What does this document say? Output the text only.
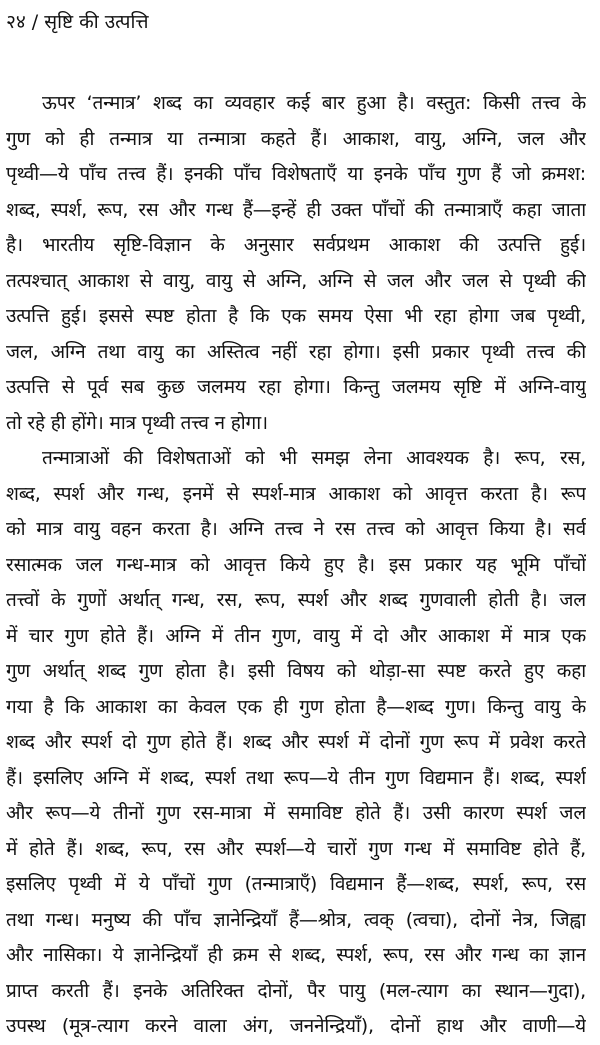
२४ / सृष्टि की उत्पत्ति

ऊपर ‘तन्मात्र’ शब्द का व्यवहार कई बार हुआ है। वस्तुत: किसी तत्त्व के
गुण को ही तन्मात्र या तन्मात्रा कहते हैं। आकाश, वायु, अग्नि, जल और
पृथ्वी—ये पाँच तत्त्व हैं। इनकी पाँच विशेषताएँ या इनके पाँच गुण हैं जो क्रमश:
शब्द, स्पर्श, रूप, रस और गन्ध हैं—इन्हें ही उक्त पाँचों की तन्मात्राएँ कहा जाता
है। भारतीय सृष्टि-विज्ञान के अनुसार सर्वप्रथम आकाश की उत्पत्ति हुई।
तत्पश्चात् आकाश से वायु, वायु से अग्नि, अग्नि से जल और जल से पृथ्वी की
उत्पत्ति हुई। इससे स्पष्ट होता है कि एक समय ऐसा भी रहा होगा जब पृथ्वी,
जल, अग्नि तथा वायु का अस्तित्व नहीं रहा होगा। इसी प्रकार पृथ्वी तत्त्व की
उत्पत्ति से पूर्व सब कुछ जलमय रहा होगा। किन्तु जलमय सृष्टि में अग्नि-वायु
तो रहे ही होंगे। मात्र पृथ्वी तत्त्व न होगा।

तन्मात्राओं की विशेषताओं को भी समझ लेना आवश्यक है। रूप, रस,
शब्द, स्पर्श और गन्ध, इनमें से स्पर्श-मात्र आकाश को आवृत्त करता है। रूप
को मात्र वायु वहन करता है। अग्नि तत्त्व ने रस तत्त्व को आवृत्त किया है। सर्व
रसात्मक जल गन्ध-मात्र को आवृत्त किये हुए है। इस प्रकार यह भूमि पाँचों
तत्त्वों के गुणों अर्थात् गन्ध, रस, रूप, स्पर्श और शब्द गुणवाली होती है। जल
में चार गुण होते हैं। अग्नि में तीन गुण, वायु में दो और आकाश में मात्र एक
गुण अर्थात् शब्द गुण होता है। इसी विषय को थोड़ा-सा स्पष्ट करते हुए कहा
गया है कि आकाश का केवल एक ही गुण होता है—शब्द गुण। किन्तु वायु के
शब्द और स्पर्श दो गुण होते हैं। शब्द और स्पर्श में दोनों गुण रूप में प्रवेश करते
हैं। इसलिए अग्नि में शब्द, स्पर्श तथा रूप—ये तीन गुण विद्यमान हैं। शब्द, स्पर्श
और रूप—ये तीनों गुण रस-मात्रा में समाविष्ट होते हैं। उसी कारण स्पर्श जल
में होते हैं। शब्द, रूप, रस और स्पर्श—ये चारों गुण गन्ध में समाविष्ट होते हैं,
इसलिए पृथ्वी में ये पाँचों गुण (तन्मात्राएँ) विद्यमान हैं—शब्द, स्पर्श, रूप, रस
तथा गन्ध। मनुष्य की पाँच ज्ञानेन्द्रियाँ हैं—श्रोत्र, त्वक् (त्वचा), दोनों नेत्र, जिह्वा
और नासिका। ये ज्ञानेन्द्रियाँ ही क्रम से शब्द, स्पर्श, रूप, रस और गन्ध का ज्ञान
प्राप्त करती हैं। इनके अतिरिक्त दोनों, पैर पायु (मल-त्याग का स्थान—गुदा),
उपस्थ (मूत्र-त्याग करने वाला अंग, जननेन्द्रियाँ), दोनों हाथ और वाणी—ये
